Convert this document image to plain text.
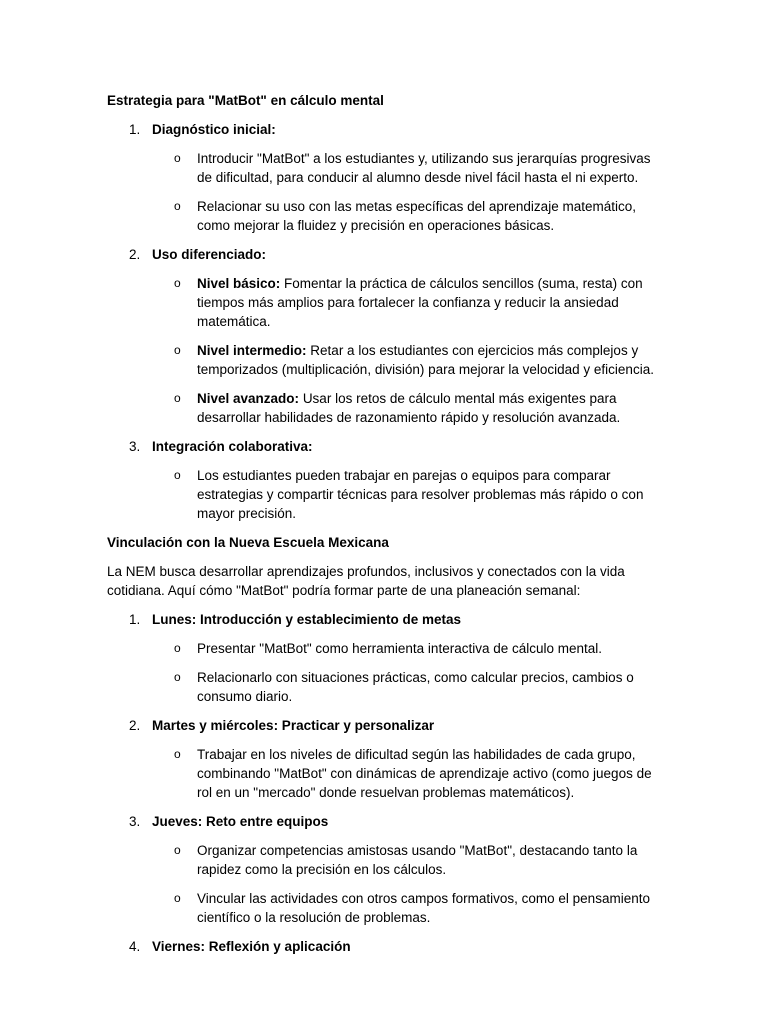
Estrategia para "MatBot" en cálculo mental
1. Diagnóstico inicial:
o Introducir "MatBot" a los estudiantes y, utilizando sus jerarquías progresivas de dificultad, para conducir al alumno desde nivel fácil hasta el ni experto.
o Relacionar su uso con las metas específicas del aprendizaje matemático, como mejorar la fluidez y precisión en operaciones básicas.
2. Uso diferenciado:
o Nivel básico: Fomentar la práctica de cálculos sencillos (suma, resta) con tiempos más amplios para fortalecer la confianza y reducir la ansiedad matemática.
o Nivel intermedio: Retar a los estudiantes con ejercicios más complejos y temporizados (multiplicación, división) para mejorar la velocidad y eficiencia.
o Nivel avanzado: Usar los retos de cálculo mental más exigentes para desarrollar habilidades de razonamiento rápido y resolución avanzada.
3. Integración colaborativa:
o Los estudiantes pueden trabajar en parejas o equipos para comparar estrategias y compartir técnicas para resolver problemas más rápido o con mayor precisión.
Vinculación con la Nueva Escuela Mexicana
La NEM busca desarrollar aprendizajes profundos, inclusivos y conectados con la vida cotidiana. Aquí cómo "MatBot" podría formar parte de una planeación semanal:
1. Lunes: Introducción y establecimiento de metas
o Presentar "MatBot" como herramienta interactiva de cálculo mental.
o Relacionarlo con situaciones prácticas, como calcular precios, cambios o consumo diario.
2. Martes y miércoles: Practicar y personalizar
o Trabajar en los niveles de dificultad según las habilidades de cada grupo, combinando "MatBot" con dinámicas de aprendizaje activo (como juegos de rol en un "mercado" donde resuelvan problemas matemáticos).
3. Jueves: Reto entre equipos
o Organizar competencias amistosas usando "MatBot", destacando tanto la rapidez como la precisión en los cálculos.
o Vincular las actividades con otros campos formativos, como el pensamiento científico o la resolución de problemas.
4. Viernes: Reflexión y aplicación
